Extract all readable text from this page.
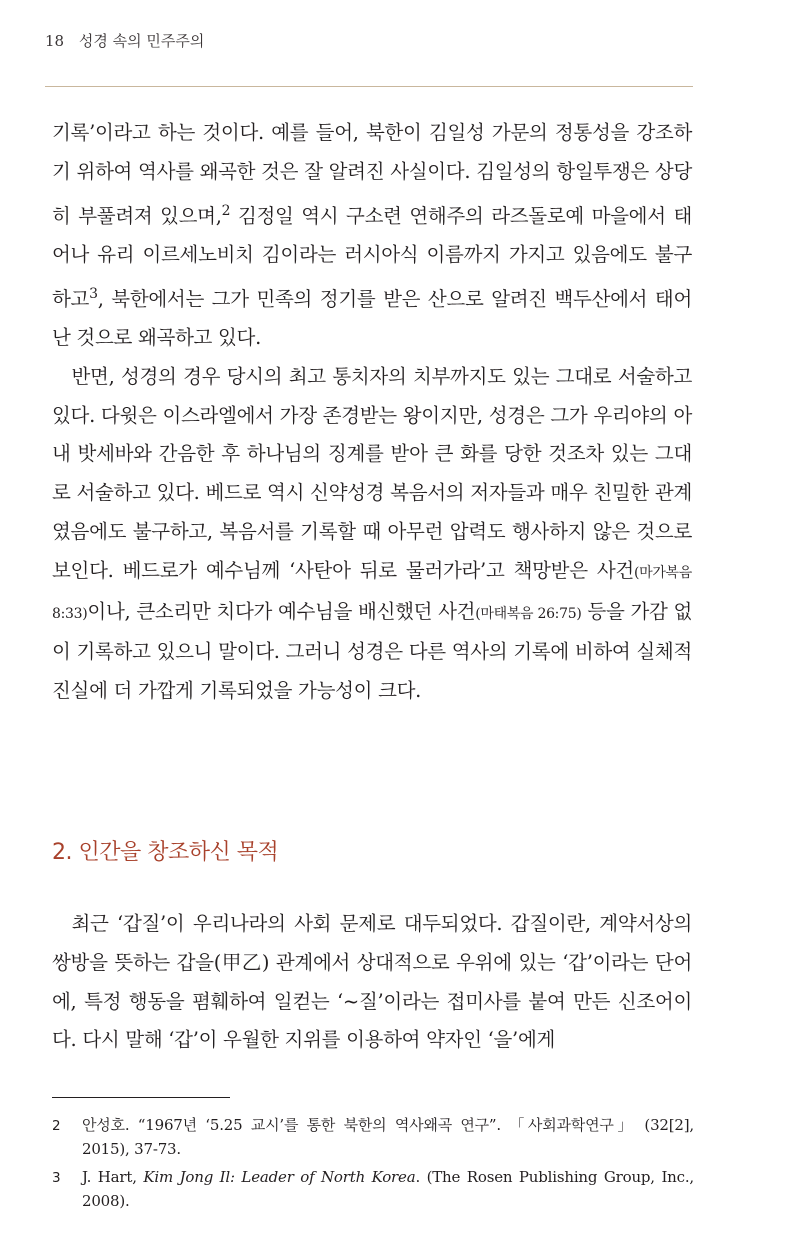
18 성경 속의 민주주의

기록’이라고 하는 것이다. 예를 들어, 북한이 김일성 가문의 정통성을 강조하기 위하여 역사를 왜곡한 것은 잘 알려진 사실이다. 김일성의 항일투쟁은 상당히 부풀려져 있으며,$^2$ 김정일 역시 구소련 연해주의 라즈돌로예 마을에서 태어나 유리 이르세노비치 김이라는 러시아식 이름까지 가지고 있음에도 불구하고$^3$, 북한에서는 그가 민족의 정기를 받은 산으로 알려진 백두산에서 태어난 것으로 왜곡하고 있다.

반면, 성경의 경우 당시의 최고 통치자의 치부까지도 있는 그대로 서술하고 있다. 다윗은 이스라엘에서 가장 존경받는 왕이지만, 성경은 그가 우리야의 아내 밧세바와 간음한 후 하나님의 징계를 받아 큰 화를 당한 것조차 있는 그대로 서술하고 있다. 베드로 역시 신약성경 복음서의 저자들과 매우 친밀한 관계였음에도 불구하고, 복음서를 기록할 때 아무런 압력도 행사하지 않은 것으로 보인다. 베드로가 예수님께 ‘사탄아 뒤로 물러가라’고 책망받은 사건(마가복음 8:33)이나, 큰소리만 치다가 예수님을 배신했던 사건(마태복음 26:75) 등을 가감 없이 기록하고 있으니 말이다. 그러니 성경은 다른 역사의 기록에 비하여 실체적 진실에 더 가깝게 기록되었을 가능성이 크다.

2. 인간을 창조하신 목적

최근 ‘갑질’이 우리나라의 사회 문제로 대두되었다. 갑질이란, 계약서상의 쌍방을 뜻하는 갑을(甲乙) 관계에서 상대적으로 우위에 있는 ‘갑’이라는 단어에, 특정 행동을 폄훼하여 일컫는 ‘~질’이라는 접미사를 붙여 만든 신조어이다. 다시 말해 ‘갑’이 우월한 지위를 이용하여 약자인 ‘을’에게

2	안성호. “1967년 ‘5.25 교시’를 통한 북한의 역사왜곡 연구”. 「사회과학연구」 (32[2], 2015), 37-73.
3	J. Hart, Kim Jong Il: Leader of North Korea. (The Rosen Publishing Group, Inc., 2008).
